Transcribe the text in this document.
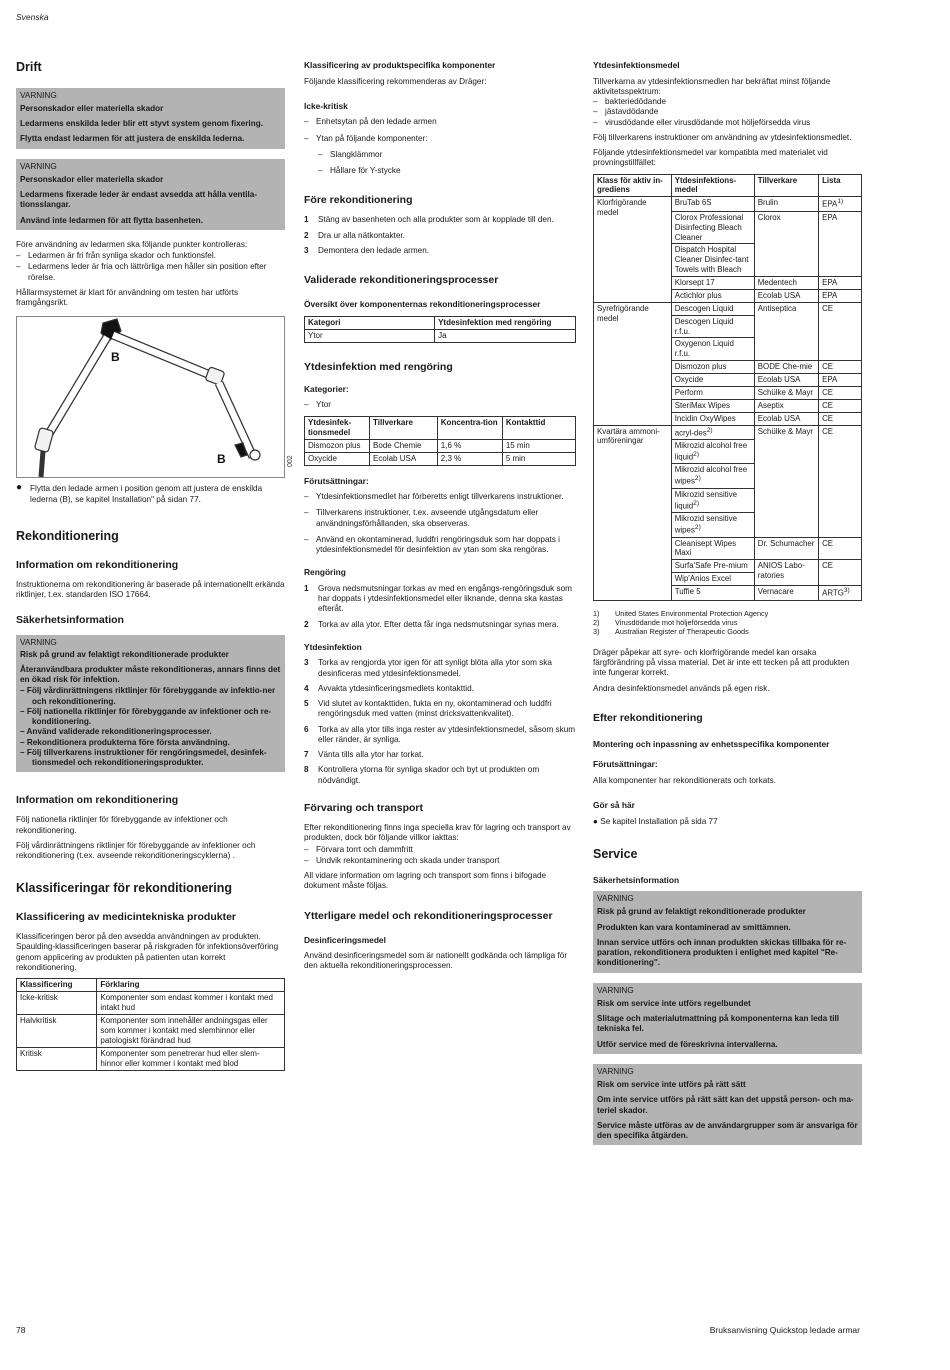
Svenska
Drift
VARNING
Personskador eller materiella skador
Ledarmens enskilda leder blir ett styvt system genom fixering.
Flytta endast ledarmen för att justera de enskilda lederna.
VARNING
Personskador eller materiella skador
Ledarmens fixerade leder är endast avsedda att hålla ventila-tionsslangar.
Använd inte ledarmen för att flytta basenheten.

Före användning av ledarmen ska följande punkter kontrolleras:

– Ledarmen är fri från synliga skador och funktionsfel.
– Ledarmens leder är fria och lättrörliga men håller sin position efter rörelse.

Hållarmsystemet är klart för användning om testen har utförts framgångsrikt.

B
B	002
● Flytta den ledade armen i position genom att justera de enskilda lederna (B), se kapitel Installation" på sidan 77.
Rekonditionering
Information om rekonditionering

Instruktionerna om rekonditionering är baserade på internationellt erkända riktlinjer, t.ex. standarden ISO 17664.

Säkerhetsinformation
VARNING
Risk på grund av felaktigt rekonditionerade produkter
Återanvändbara produkter måste rekonditioneras, annars finns det en ökad risk för infektion.
– Följ vårdinrättningens riktlinjer för förebyggande av infektio-ner och rekonditionering.
– Följ nationella riktlinjer för förebyggande av infektioner och re-konditionering.
– Använd validerade rekonditioneringsprocesser.
– Rekonditionera produkterna före första användning.
– Följ tillverkarens instruktioner för rengöringsmedel, desinfek-tionsmedel och rekonditioneringsprodukter.
Information om rekonditionering

Följ nationella riktlinjer för förebyggande av infektioner och rekonditionering.

Följ vårdinrättningens riktlinjer för förebyggande av infektioner och rekonditionering (t.ex. avseende rekonditioneringscyklerna) .

Klassificeringar för rekonditionering
Klassificering av medicintekniska produkter

Klassificeringen beror på den avsedda användningen av produkten. Spaulding-klassificeringen baserar på riskgraden för infektionsöverföring genom applicering av produkten på patienten utan korrekt rekonditionering.

Klassificering	Förklaring
Icke-kritisk	Komponenter som endast kommer i kontakt med intakt hud
Halvkritisk	Komponenter som innehåller andningsgas eller som kommer i kontakt med slemhinnor eller patologiskt förändrad hud
Kritisk	Komponenter som penetrerar hud eller slem-hinnor eller kommer i kontakt med blod
Klassificering av produktspecifika komponenter

Följande klassificering rekommenderas av Dräger:

Icke-kritisk
– Enhetsytan på den ledade armen
– Ytan på följande komponenter:
– Slangklämmor
– Hållare för Y-stycke
Före rekonditionering
1	Stäng av basenheten och alla produkter som är kopplade till den.
2	Dra ur alla nätkontakter.
3	Demontera den ledade armen.
Validerade rekonditioneringsprocesser
Översikt över komponenternas rekonditioneringsprocesser
Kategori	Ytdesinfektion med rengöring
Ytor	Ja
Ytdesinfektion med rengöring
Kategorier:
– Ytor
Ytdesinfek-tionsmedel	Tillverkare	Koncentra-tion	Kontakttid
Dismozon plus	Bode Chemie	1,6 %	15 min
Oxycide	Ecolab USA	2,3 %	5 min
Förutsättningar:
– Ytdesinfektionsmedlet har förberetts enligt tillverkarens instruktioner.
– Tillverkarens instruktioner, t.ex. avseende utgångsdatum eller användningsförhållanden, ska observeras.
– Använd en okontaminerad, luddfri rengöringsduk som har doppats i ytdesinfektionsmedel för desinfektion av ytan som ska rengöras.
Rengöring
1	Grova nedsmutsningar torkas av med en engångs-rengöringsduk som har doppats i ytdesinfektionsmedel eller liknande, denna ska kastas efteråt.
2	Torka av alla ytor. Efter detta får inga nedsmutsningar synas mera.
Ytdesinfektion
3	Torka av rengjorda ytor igen för att synligt blöta alla ytor som ska desinficeras med ytdesinfektionsmedel.
4	Avvakta ytdesinficeringsmedlets kontakttid.
5	Vid slutet av kontakttiden, fukta en ny, okontaminerad och luddfri rengöringsduk med vatten (minst dricksvattenkvalitet).
6	Torka av alla ytor tills inga rester av ytdesinfektionsmedel, såsom skum eller ränder, är synliga.
7	Vänta tills alla ytor har torkat.
8	Kontrollera ytorna för synliga skador och byt ut produkten om nödvändigt.
Förvaring och transport

Efter rekonditionering finns inga speciella krav för lagring och transport av produkten, dock bör följande villkor iakttas:

– Förvara torrt och dammfritt
– Undvik rekontaminering och skada under transport

All vidare information om lagring och transport som finns i bifogade dokument måste följas.

Ytterligare medel och rekonditioneringsprocesser
Desinficeringsmedel

Använd desinficeringsmedel som är nationellt godkända och lämpliga för den aktuella rekonditioneringsprocessen.

Ytdesinfektionsmedel

Tillverkarna av ytdesinfektionsmedlen har bekräftat minst följande aktivitetsspektrum:

– bakteriedödande
– jästavdödande
– virusdödande eller virusdödande mot höljeförsedda virus

Följ tillverkarens instruktioner om användning av ytdesinfektionsmedlet.

Följande ytdesinfektionsmedel var kompatibla med materialet vid provningstillfället:

Klass för aktiv in-grediens	Ytdesinfektions-medel	Tillverkare	Lista
Klorfrigörande medel	BruTab 6S	Brulin	EPA$^{1)}$
	Clorox Professional Disinfecting Bleach Cleaner	Clorox	EPA
	Dispatch Hospital Cleaner Disinfec-tant Towels with Bleach		
	Klorsept 17	Medentech	EPA
	Actichlor plus	Ecolab USA	EPA
Syrefrigörande medel	Descogen Liquid	Antiseptica	CE
	Descogen Liquid r.f.u.		
	Oxygenon Liquid r.f.u.		
	Dismozon plus	BODE Che-mie	CE
	Oxycide	Ecolab USA	EPA
	Perform	Schülke & Mayr	CE
	SteriMax Wipes	Aseptix	CE
	Incidin OxyWipes	Ecolab USA	CE
Kvartära ammoni-umföreningar	acryl-des$^{2)}$	Schülke & Mayr	CE
	Mikrozid alcohol free liquid$^{2)}$
	Mikrozid alcohol free wipes$^{2)}$
	Mikrozid sensitive liquid$^{2)}$
	Mikrozid sensitive wipes$^{2)}$
	Cleanisept Wipes Maxi	Dr. Schumacher	CE
	Surfa'Safe Pre-mium	ANIOS Labo-ratories	CE
	Wip'Anios Excel		
	Tuffie 5	Vernacare	ARTG$^{3)}$

1) United States Environmental Protection Agency

2) Virusdödande mot höljeförsedda virus

3) Australian Register of Therapeutic Goods

Dräger påpekar att syre- och klorfrigörande medel kan orsaka färgförändring på vissa material. Det är inte ett tecken på att produkten inte fungerar korrekt.

Andra desinfektionsmedel används på egen risk.

Efter rekonditionering
Montering och inpassning av enhetsspecifika komponenter
Förutsättningar:

Alla komponenter har rekonditionerats och torkats.

Gör så här

● Se kapitel Installation på sida 77

Service
Säkerhetsinformation
VARNING
Risk på grund av felaktigt rekonditionerade produkter
Produkten kan vara kontaminerad av smittämnen.
Innan service utförs och innan produkten skickas tillbaka för re-paration, rekonditionera produkten i enlighet med kapitel "Re-konditionering".
VARNING
Risk om service inte utförs regelbundet
Slitage och materialutmattning på komponenterna kan leda till tekniska fel.
Utför service med de föreskrivna intervallerna.
VARNING
Risk om service inte utförs på rätt sätt
Om inte service utförs på rätt sätt kan det uppstå person- och ma-teriel skador.
Service måste utföras av de användargrupper som är ansvariga för den specifika åtgärden.
78	Bruksanvisning Quickstop ledade armar
